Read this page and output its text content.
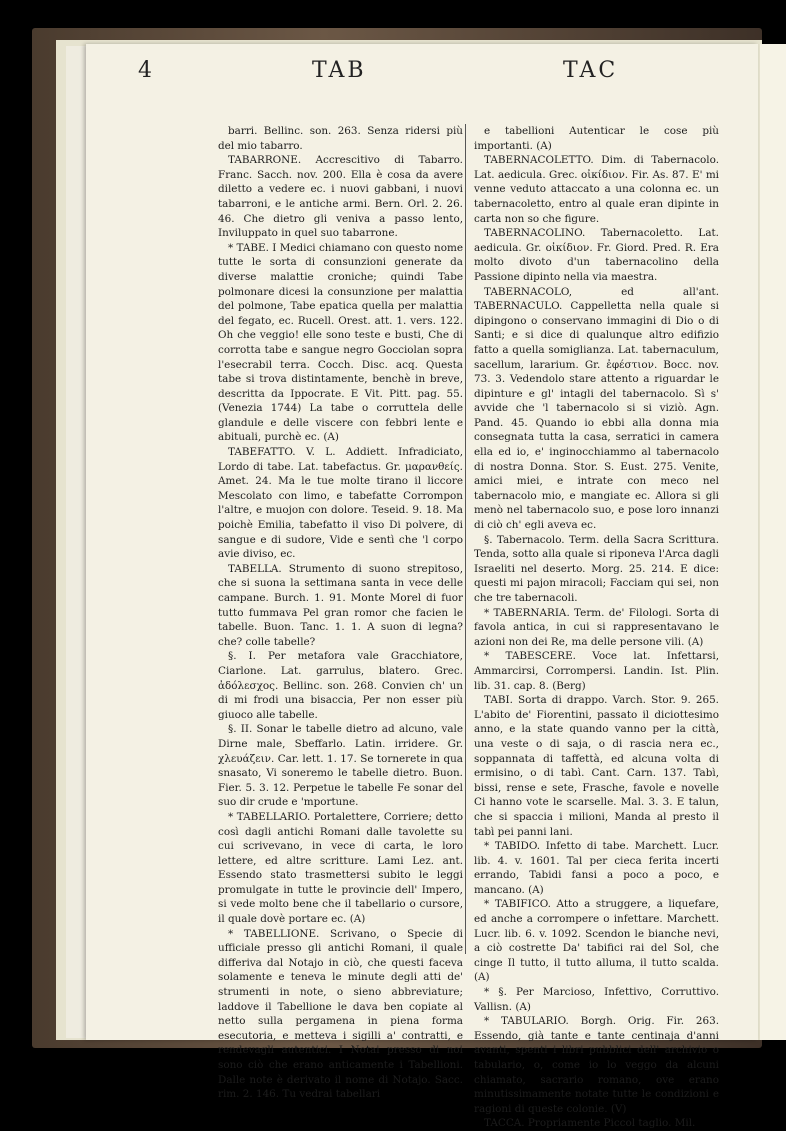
4	TAB	TAC

barri. Bellinc. son. 263. Senza ridersi più del mio tabarro.

TABARRONE. Accrescitivo di Tabarro. Franc. Sacch. nov. 200. Ella è cosa da avere diletto a vedere ec. i nuovi gabbani, i nuovi tabarroni, e le antiche armi. Bern. Orl. 2. 26. 46. Che dietro gli veniva a passo lento, Inviluppato in quel suo tabarrone.

* TABE. I Medici chiamano con questo nome tutte le sorta di consunzioni generate da diverse malattie croniche; quindi Tabe polmonare dicesi la consunzione per malattia del polmone, Tabe epatica quella per malattia del fegato, ec. Rucell. Orest. att. 1. vers. 122. Oh che veggio! elle sono teste e busti, Che di corrotta tabe e sangue negro Gocciolan sopra l'esecrabil terra. Cocch. Disc. acq. Questa tabe si trova distintamente, benchè in breve, descritta da Ippocrate. E Vit. Pitt. pag. 55. (Venezia 1744) La tabe o corruttela delle glandule e delle viscere con febbri lente e abituali, purchè ec. (A)

TABEFATTO. V. L. Addiett. Infradiciato, Lordo di tabe. Lat. tabefactus. Gr. μαρανθείς. Amet. 24. Ma le tue molte tirano il liccore Mescolato con limo, e tabefatte Corrompon l'altre, e muojon con dolore. Teseid. 9. 18. Ma poichè Emilia, tabefatto il viso Di polvere, di sangue e di sudore, Vide e sentì che 'l corpo avie diviso, ec.

TABELLA. Strumento di suono strepitoso, che si suona la settimana santa in vece delle campane. Burch. 1. 91. Monte Morel di fuor tutto fummava Pel gran romor che facien le tabelle. Buon. Tanc. 1. 1. A suon di legna? che? colle tabelle?

§. I. Per metafora vale Gracchiatore, Ciarlone. Lat. garrulus, blatero. Grec. ἀδόλεσχος. Bellinc. son. 268. Convien ch' un di mi frodi una bisaccia, Per non esser più giuoco alle tabelle.

§. II. Sonar le tabelle dietro ad alcuno, vale Dirne male, Sbeffarlo. Latin. irridere. Gr. χλευάζειν. Car. lett. 1. 17. Se tornerete in qua snasato, Vi soneremo le tabelle dietro. Buon. Fier. 5. 3. 12. Perpetue le tabelle Fe sonar del suo dir crude e 'mportune.

* TABELLARIO. Portalettere, Corriere; detto così dagli antichi Romani dalle tavolette su cui scrivevano, in vece di carta, le loro lettere, ed altre scritture. Lami Lez. ant. Essendo stato trasmettersi subito le leggi promulgate in tutte le provincie dell' Impero, si vede molto bene che il tabellario o cursore, il quale dovè portare ec. (A)

* TABELLIONE. Scrivano, o Specie di ufficiale presso gli antichi Romani, il quale differiva dal Notajo in ciò, che questi faceva solamente e teneva le minute degli atti de' strumenti in note, o sieno abbreviature; laddove il Tabellione le dava ben copiate al netto sulla pergamena in piena forma esecutoria, e metteva i sigilli a' contratti, e rendevagli autentici. I Notai presso di noi sono ciò che erano anticamente i Tabellioni. Dalle note è derivato il nome di Notajo. Sacc. rim. 2. 146. Tu vedrai tabellari

e tabellioni Autenticar le cose più importanti. (A)

TABERNACOLETTO. Dim. di Tabernacolo. Lat. aedicula. Grec. οἰκίδιον. Fir. As. 87. E' mi venne veduto attaccato a una colonna ec. un tabernacoletto, entro al quale eran dipinte in carta non so che figure.

TABERNACOLINO. Tabernacoletto. Lat. aedicula. Gr. οἰκίδιον. Fr. Giord. Pred. R. Era molto divoto d'un tabernacolino della Passione dipinto nella via maestra.

TABERNACOLO, ed all'ant. TABERNACULO. Cappelletta nella quale si dipingono o conservano immagini di Dio o di Santi; e si dice di qualunque altro edifizio fatto a quella somiglianza. Lat. tabernaculum, sacellum, lararium. Gr. ἐφέστιον. Bocc. nov. 73. 3. Vedendolo stare attento a riguardar le dipinture e gl' intagli del tabernacolo. Sì s' avvide che 'l tabernacolo si si viziò. Agn. Pand. 45. Quando io ebbi alla donna mia consegnata tutta la casa, serratici in camera ella ed io, e' inginocchiammo al tabernacolo di nostra Donna. Stor. S. Eust. 275. Venite, amici miei, e intrate con meco nel tabernacolo mio, e mangiate ec. Allora si gli menò nel tabernacolo suo, e pose loro innanzi di ciò ch' egli aveva ec.

§. Tabernacolo. Term. della Sacra Scrittura. Tenda, sotto alla quale si riponeva l'Arca dagli Israeliti nel deserto. Morg. 25. 214. E dice: questi mi pajon miracoli; Facciam qui sei, non che tre tabernacoli.

* TABERNARIA. Term. de' Filologi. Sorta di favola antica, in cui si rappresentavano le azioni non dei Re, ma delle persone vili. (A)

* TABESCERE. Voce lat. Infettarsi, Ammarcirsi, Corrompersi. Landin. Ist. Plin. lib. 31. cap. 8. (Berg)

TABI. Sorta di drappo. Varch. Stor. 9. 265. L'abito de' Fiorentini, passato il diciottesimo anno, e la state quando vanno per la città, una veste o di saja, o di rascia nera ec., soppannata di taffettà, ed alcuna volta di ermisino, o di tabì. Cant. Carn. 137. Tabì, bissi, rense e sete, Frasche, favole e novelle Ci hanno vote le scarselle. Mal. 3. 3. E talun, che si spaccia i milioni, Manda al presto il tabì pei panni lani.

* TABIDO. Infetto di tabe. Marchett. Lucr. lib. 4. v. 1601. Tal per cieca ferita incerti errando, Tabidi fansi a poco a poco, e mancano. (A)

* TABIFICO. Atto a struggere, a liquefare, ed anche a corrompere o infettare. Marchett. Lucr. lib. 6. v. 1092. Scendon le bianche nevi, a ciò costrette Da' tabifici rai del Sol, che cinge Il tutto, il tutto alluma, il tutto scalda. (A)

* §. Per Marcioso, Infettivo, Corruttivo. Vallisn. (A)

* TABULARIO. Borgh. Orig. Fir. 263. Essendo, già tante e tante centinaja d'anni avanti, spenti i libri pubblici dell' archivio o tabulario, o, come io lo veggo da alcuni chiamato, sacrario romano, ove erano minutissimamente notate tutte le condizioni e ragioni di queste colonie. (V)

TACCA. Propriamente Piccol taglio. Mil.
